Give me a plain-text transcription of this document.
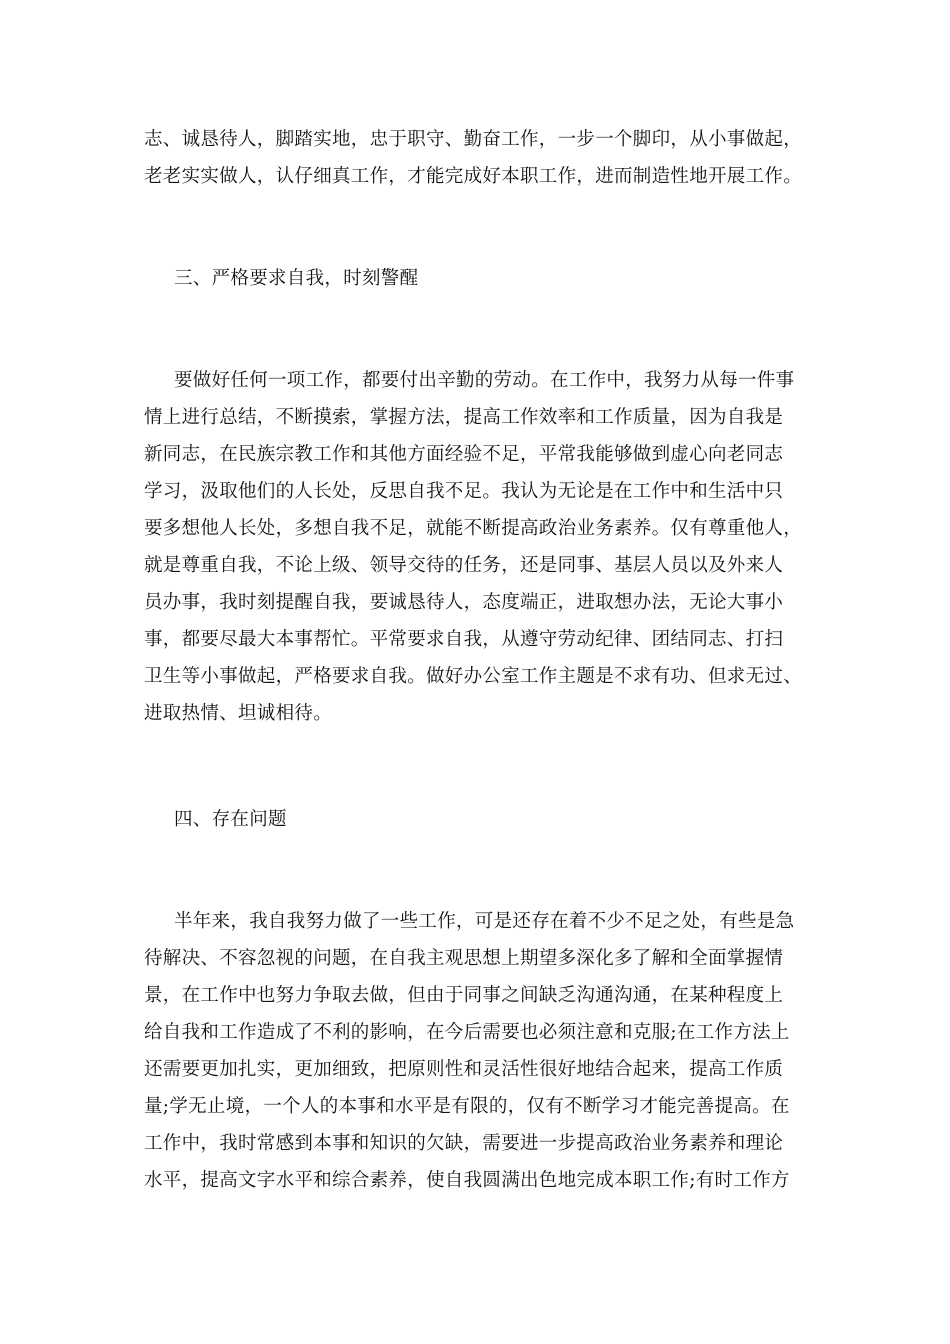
志、诚恳待人，脚踏实地，忠于职守、勤奋工作，一步一个脚印，从小事做起，
老老实实做人，认仔细真工作，才能完成好本职工作，进而制造性地开展工作。

三、严格要求自我，时刻警醒

要做好任何一项工作，都要付出辛勤的劳动。在工作中，我努力从每一件事
情上进行总结，不断摸索，掌握方法，提高工作效率和工作质量，因为自我是
新同志，在民族宗教工作和其他方面经验不足，平常我能够做到虚心向老同志
学习，汲取他们的人长处，反思自我不足。我认为无论是在工作中和生活中只
要多想他人长处，多想自我不足，就能不断提高政治业务素养。仅有尊重他人，
就是尊重自我，不论上级、领导交待的任务，还是同事、基层人员以及外来人
员办事，我时刻提醒自我，要诚恳待人，态度端正，进取想办法，无论大事小
事，都要尽最大本事帮忙。平常要求自我，从遵守劳动纪律、团结同志、打扫
卫生等小事做起，严格要求自我。做好办公室工作主题是不求有功、但求无过、
进取热情、坦诚相待。

四、存在问题

半年来，我自我努力做了一些工作，可是还存在着不少不足之处，有些是急
待解决、不容忽视的问题，在自我主观思想上期望多深化多了解和全面掌握情
景，在工作中也努力争取去做，但由于同事之间缺乏沟通沟通，在某种程度上
给自我和工作造成了不利的影响，在今后需要也必须注意和克服;在工作方法上
还需要更加扎实，更加细致，把原则性和灵活性很好地结合起来，提高工作质
量;学无止境，一个人的本事和水平是有限的，仅有不断学习才能完善提高。在
工作中，我时常感到本事和知识的欠缺，需要进一步提高政治业务素养和理论
水平，提高文字水平和综合素养，使自我圆满出色地完成本职工作;有时工作方
